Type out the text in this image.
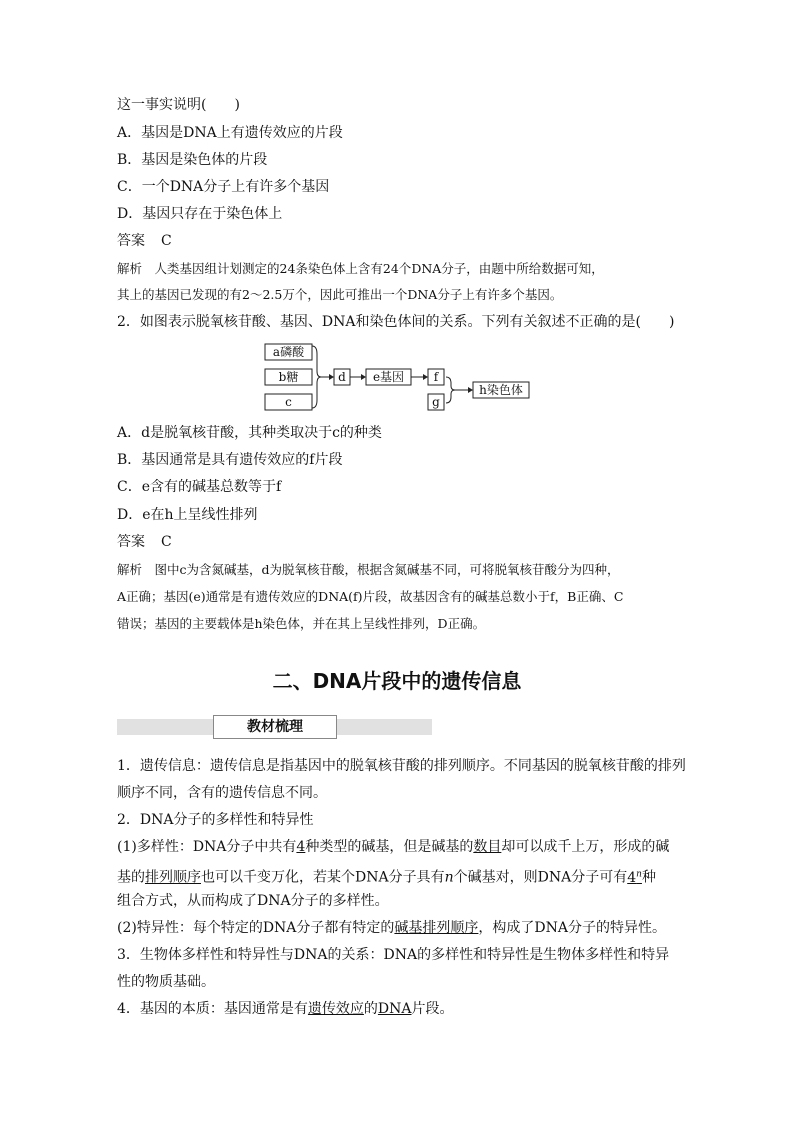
这一事实说明(　　)
A．基因是DNA上有遗传效应的片段
B．基因是染色体的片段
C．一个DNA分子上有许多个基因
D．基因只存在于染色体上
答案 C
解析　人类基因组计划测定的24条染色体上含有24个DNA分子，由题中所给数据可知，
其上的基因已发现的有2～2.5万个，因此可推出一个DNA分子上有许多个基因。
2．如图表示脱氧核苷酸、基因、DNA和染色体间的关系。下列有关叙述不正确的是(　　)
a磷酸
b糖
c
d e基因 f
g
h染色体
A．d是脱氧核苷酸，其种类取决于c的种类
B．基因通常是具有遗传效应的f片段
C．e含有的碱基总数等于f
D．e在h上呈线性排列
答案 C
解析　图中c为含氮碱基，d为脱氧核苷酸，根据含氮碱基不同，可将脱氧核苷酸分为四种，
A正确；基因(e)通常是有遗传效应的DNA(f)片段，故基因含有的碱基总数小于f，B正确、C
错误；基因的主要载体是h染色体，并在其上呈线性排列，D正确。
二、DNA片段中的遗传信息
教材梳理
1．遗传信息：遗传信息是指基因中的脱氧核苷酸的排列顺序。不同基因的脱氧核苷酸的排列
顺序不同，含有的遗传信息不同。
2．DNA分子的多样性和特异性
(1)多样性：DNA分子中共有4种类型的碱基，但是碱基的数目却可以成千上万，形成的碱
基的排列顺序也可以千变万化，若某个DNA分子具有n个碱基对，则DNA分子可有4$^n$种
组合方式，从而构成了DNA分子的多样性。
(2)特异性：每个特定的DNA分子都有特定的碱基排列顺序，构成了DNA分子的特异性。
3．生物体多样性和特异性与DNA的关系：DNA的多样性和特异性是生物体多样性和特异
性的物质基础。
4．基因的本质：基因通常是有遗传效应的DNA片段。
